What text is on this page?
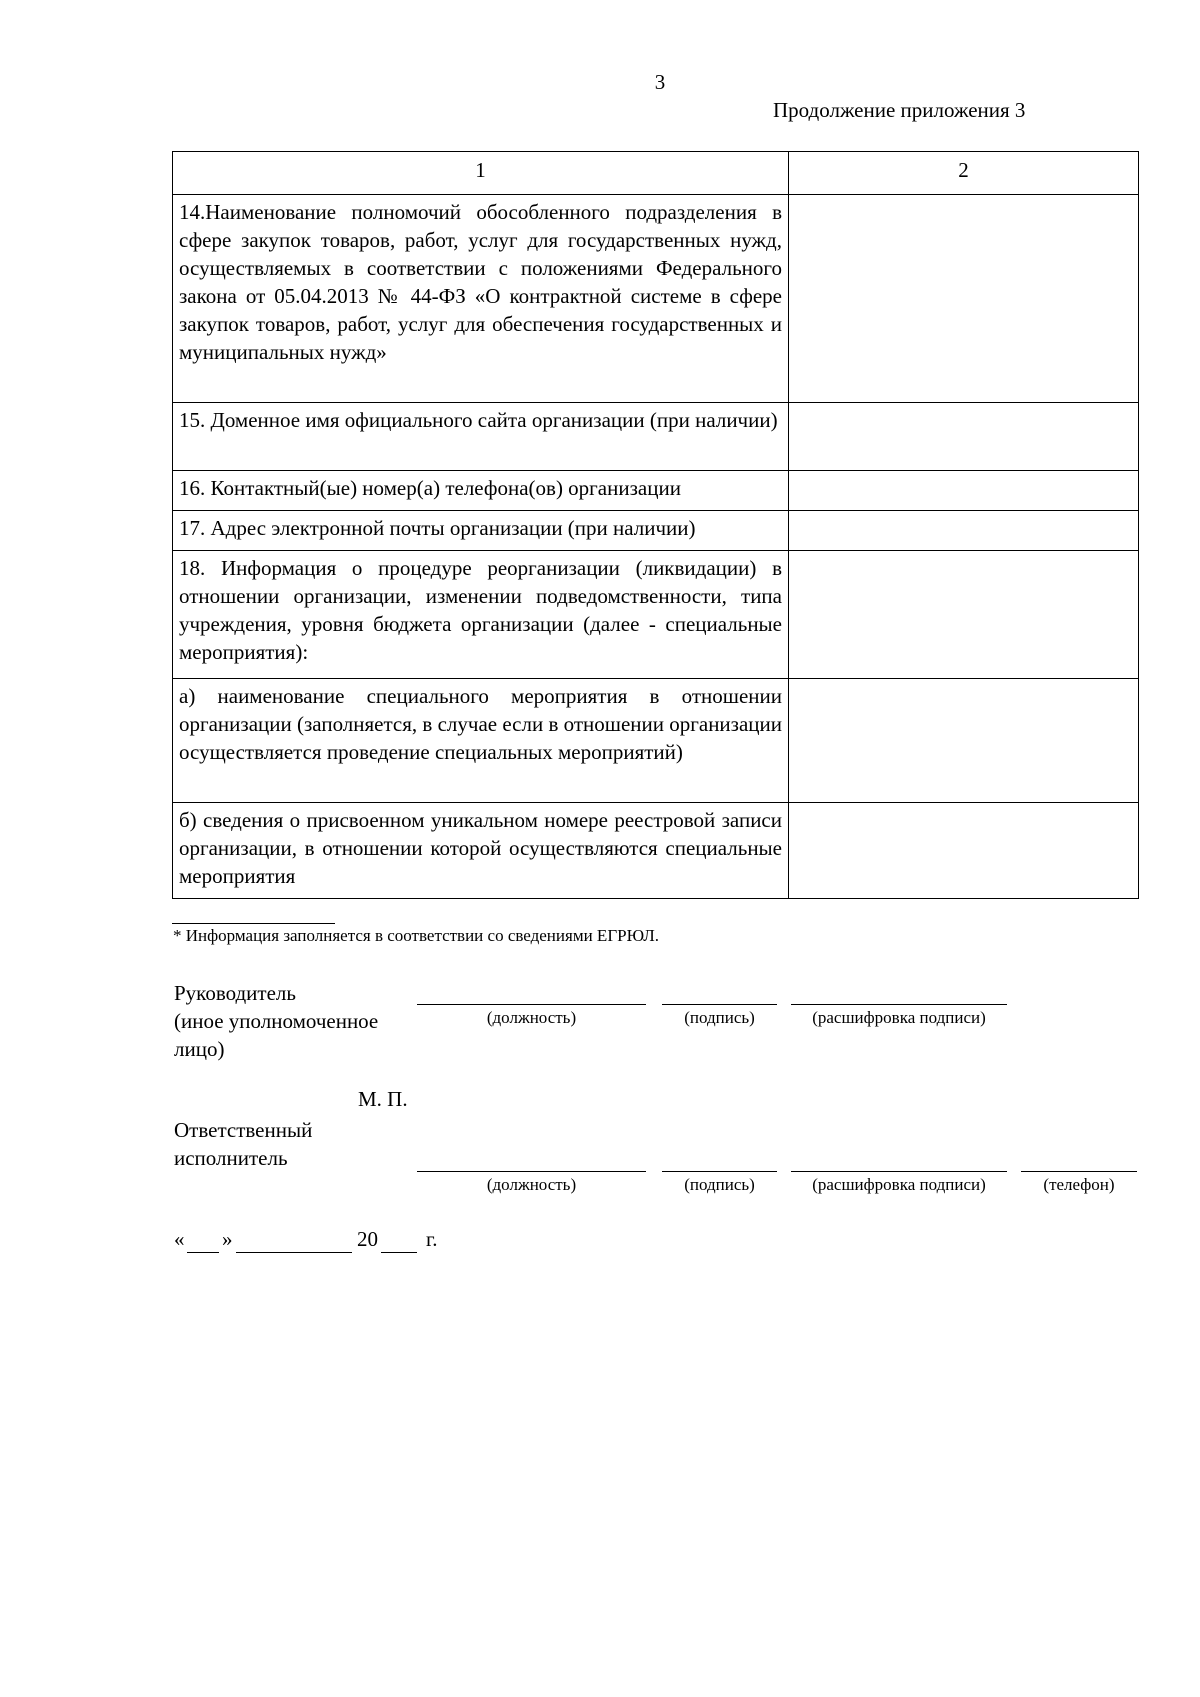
3
Продолжение приложения 3
1	2
14.Наименование полномочий обособленного подразделения в сфере закупок товаров, работ, услуг для государственных нужд, осуществляемых в соответствии с положениями Федерального закона от 05.04.2013 № 44-ФЗ «О контрактной системе в сфере закупок товаров, работ, услуг для обеспечения государственных и муниципальных нужд»	
15. Доменное имя официального сайта организации (при наличии)	
16. Контактный(ые) номер(а) телефона(ов) организации	
17. Адрес электронной почты организации (при наличии)	
18. Информация о процедуре реорганизации (ликвидации) в отношении организации, изменении подведомственности, типа учреждения, уровня бюджета организации (далее - специальные мероприятия):	
а) наименование специального мероприятия в отношении организации (заполняется, в случае если в отношении организации осуществляется проведение специальных мероприятий)	
б) сведения о присвоенном уникальном номере реестровой записи организации, в отношении которой осуществляются специальные мероприятия	
* Информация заполняется в соответствии со сведениями ЕГРЮЛ.
Руководитель
(иное уполномоченное
лицо)
(должность)	(подпись)	(расшифровка подписи)
М. П.
Ответственный
исполнитель
(должность)	(подпись)	(расшифровка подписи)	(телефон)
« »	20 г.
